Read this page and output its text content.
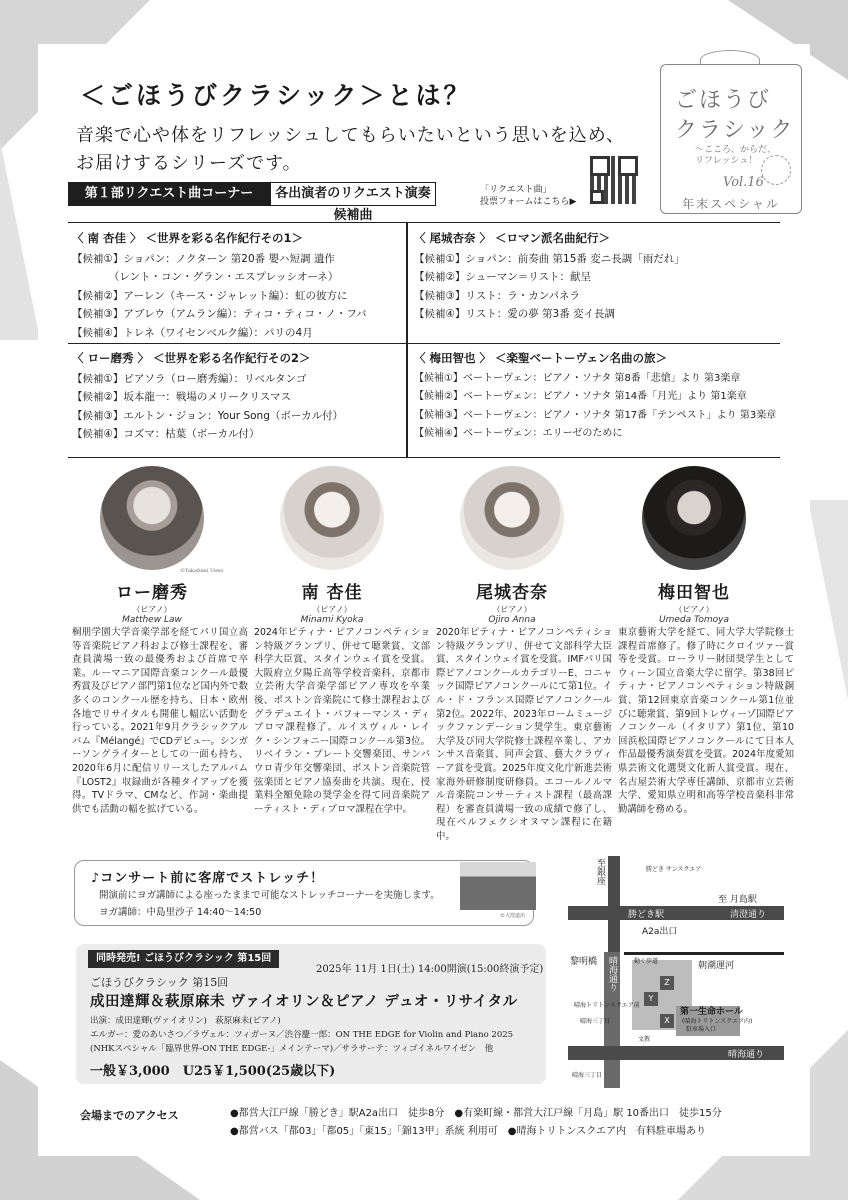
＜ごほうびクラシック＞とは？
音楽で心や体をリフレッシュしてもらいたいという思いを込め、
お届けするシリーズです。
ごほうび
クラシック
〜こころ、からだ、
リフレッシュ！
Vol.16
年末スペシャル
第１部リクエスト曲コーナー	各出演者のリクエスト演奏候補曲
「リクエスト曲」
投票フォームはこちら▶
〈 南 杏佳 〉 ＜世界を彩る名作紀行その1＞
【候補①】ショパン：ノクターン 第20番 嬰ハ短調 遺作
　　　　（レント・コン・グラン・エスプレッシオーネ）
【候補②】アーレン（キース・ジャレット編）：虹の彼方に
【候補③】アブレウ（アムラン編）：ティコ・ティコ・ノ・フバ
【候補④】トレネ（ワイセンベルク編）：パリの4月
〈 尾城杏奈 〉 ＜ロマン派名曲紀行＞
【候補①】ショパン：前奏曲 第15番 変ニ長調「雨だれ」
【候補②】シューマン＝リスト：献呈
【候補③】リスト：ラ・カンパネラ
【候補④】リスト：愛の夢 第3番 変イ長調
〈 ロー磨秀 〉 ＜世界を彩る名作紀行その2＞
【候補①】ピアソラ（ロー磨秀編）：リベルタンゴ
【候補②】坂本龍一：戦場のメリークリスマス
【候補③】エルトン・ジョン：Your Song（ボーカル付）
【候補④】コズマ：枯葉（ボーカル付）
〈 梅田智也 〉 ＜楽聖ベートーヴェン名曲の旅＞
【候補①】ベートーヴェン：ピアノ・ソナタ 第8番「悲愴」より 第3楽章
【候補②】ベートーヴェン：ピアノ・ソナタ 第14番「月光」より 第1楽章
【候補③】ベートーヴェン：ピアノ・ソナタ 第17番「テンペスト」より 第3楽章
【候補④】ベートーヴェン：エリーゼのために
ロー磨秀
（ピアノ）
Matthew Law
©Takafumi Ueno
南 杏佳
（ピアノ）
Minami Kyoka
尾城杏奈
（ピアノ）
Ojiro Anna
梅田智也
（ピアノ）
Umeda Tomoya
桐朋学園大学音楽学部を経てパリ国立高等音楽院ピアノ科および修士課程を、審査員満場一致の最優秀および首席で卒業。ルーマニア国際音楽コンクール最優秀賞及びピアノ部門第1位など国内外で数多くのコンクール歴を持ち、日本・欧州各地でリサイタルも開催し幅広い活動を行っている。2021年9月クラシックアルバム『Mélangé』でCDデビュー。シンガーソングライターとしての一面も持ち、2020年6月に配信リリースしたアルバム『LOST2』収録曲が各種タイアップを獲得。TVドラマ、CMなど、作詞・楽曲提供でも活動の幅を拡げている。
2024年ピティナ・ピアノコンペティション特級グランプリ、併せて聴衆賞、文部科学大臣賞、スタインウェイ賞を受賞。大阪府立夕陽丘高等学校音楽科、京都市立芸術大学音楽学部ピアノ専攻を卒業後、ボストン音楽院にて修士課程およびグラデュエイト・パフォーマンス・ディプロマ課程修了。ルイスヴィル・レイク・シンフォニー国際コンクール第3位。リベイラン・プレート交響楽団、サンパウロ青少年交響楽団、ボストン音楽院管弦楽団とピアノ協奏曲を共演。現在、授業料全額免除の奨学金を得て同音楽院アーティスト・ディプロマ課程在学中。
2020年ピティナ・ピアノコンペティション特級グランプリ、併せて文部科学大臣賞、スタインウェイ賞を受賞。IMFパリ国際ピアノコンクールカテゴリーE、コニャック国際ピアノコンクールにて第1位。イル・ド・フランス国際ピアノコンクール第2位。2022年、2023年ロームミュージックファンデーション奨学生。東京藝術大学及び同大学院修士課程卒業し、アカンサス音楽賞、同声会賞、藝大クラヴィーア賞を受賞。2025年度文化庁新進芸術家海外研修制度研修員。エコールノルマル音楽院コンサーティスト課程（最高課程）を審査員満場一致の成績で修了し、現在ベルフェクシオヌマン課程に在籍中。
東京藝術大学を経て、同大学大学院修士課程首席修了。修了時にクロイツァー賞等を受賞。ローラリー財団奨学生としてウィーン国立音楽大学に留学。第38回ピティナ・ピアノコンペティション特級銅賞、第12回東京音楽コンクール第1位並びに聴衆賞、第9回トレヴィーゾ国際ピアノコンクール（イタリア）第1位、第10回浜松国際ピアノコンクールにて日本人作品最優秀演奏賞を受賞。2024年度愛知県芸術文化選奨文化新人賞受賞。現在、名古屋芸術大学専任講師、京都市立芸術大学、愛知県立明和高等学校音楽科非常勤講師を務める。
♪コンサート前に客席でストレッチ！
開演前にヨガ講師による座ったままで可能なストレッチコーナーを実施します。
ヨガ講師：中島里沙子 14:40〜14:50	©大窪道治
同時発売! ごほうびクラシック 第15回
2025年 11月 1日(土) 14:00開演(15:00終演予定)
ごほうびクラシック 第15回
成田達輝＆萩原麻未 ヴァイオリン＆ピアノ デュオ・リサイタル
出演：成田達輝(ヴァイオリン)　萩原麻未(ピアノ)
エルガー：愛のあいさつ／ラヴェル：ツィガーヌ／渋谷慶一郎：ON THE EDGE for Violin and Piano 2025
(NHKスペシャル「臨界世界-ON THE EDGE-」メインテーマ)／サラサーテ：ツィゴイネルワイゼン　他
一般￥3,000　U25￥1,500(25歳以下)
至銀座
至 月島駅
勝どき駅
勝どき サンスクエア
清澄通り
A2a出口
晴海通り
黎明橋	動く歩道	朝潮運河
晴海トリトンスクエア前
晴海三丁目
第一生命ホール
(晴海トリトンスクエア内)
駐車場入口
文教
晴海通り
晴海三丁目
Z
Y
X
会場までのアクセス	●都営大江戸線「勝どき」駅A2a出口　徒歩8分　●有楽町線・都営大江戸線「月島」駅 10番出口　徒歩15分
●都営バス「都03」「都05」「東15」「錦13甲」系統 利用可　●晴海トリトンスクエア内　有料駐車場あり
